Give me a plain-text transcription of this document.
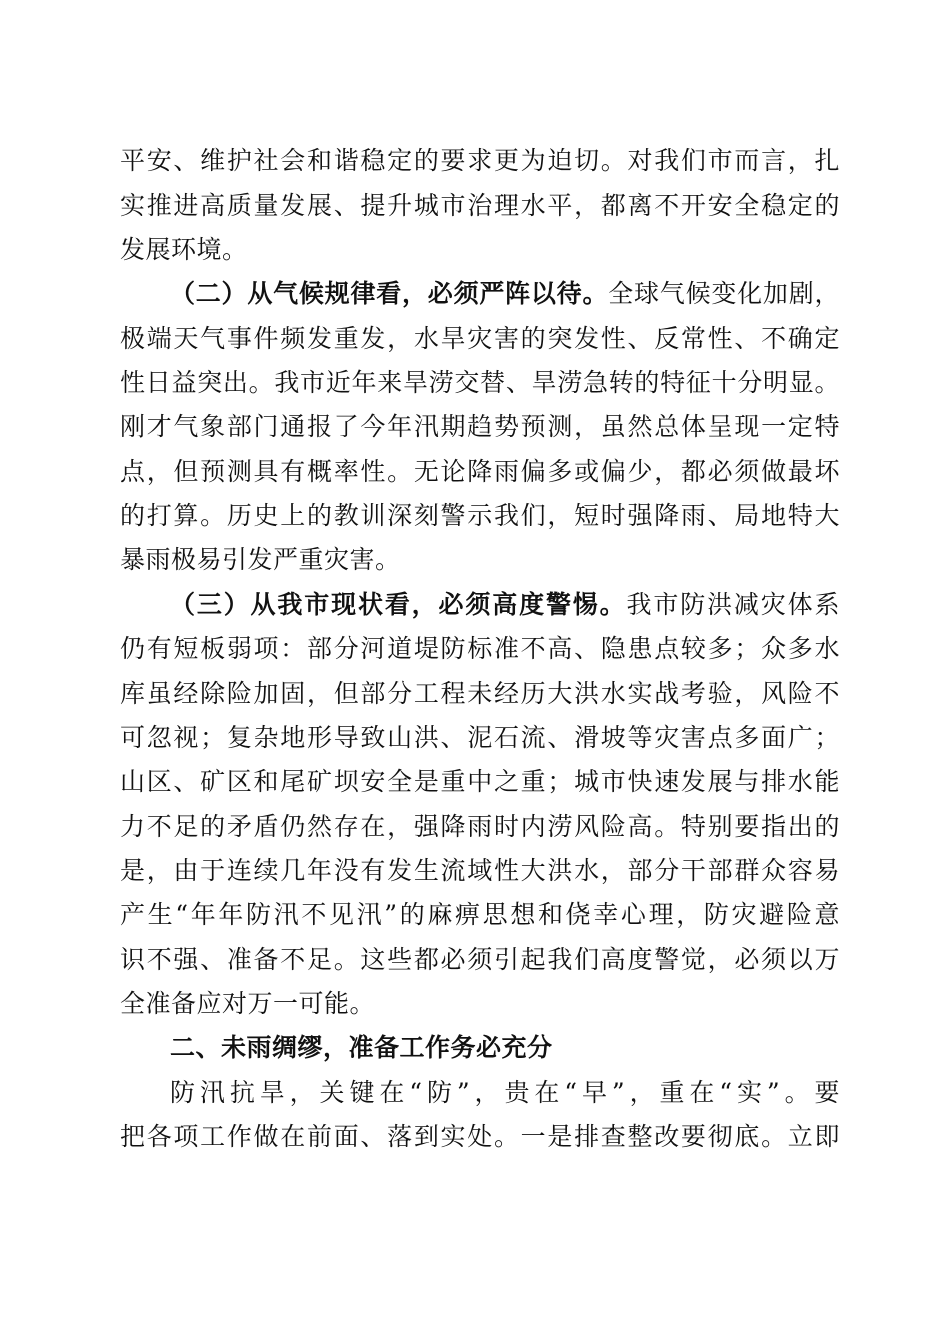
平安、维护社会和谐稳定的要求更为迫切。对我们市而言，扎
实推进高质量发展、提升城市治理水平，都离不开安全稳定的
发展环境。
（二）从气候规律看，必须严阵以待。全球气候变化加剧，
极端天气事件频发重发，水旱灾害的突发性、反常性、不确定
性日益突出。我市近年来旱涝交替、旱涝急转的特征十分明显。
刚才气象部门通报了今年汛期趋势预测，虽然总体呈现一定特
点，但预测具有概率性。无论降雨偏多或偏少，都必须做最坏
的打算。历史上的教训深刻警示我们，短时强降雨、局地特大
暴雨极易引发严重灾害。
（三）从我市现状看，必须高度警惕。我市防洪减灾体系
仍有短板弱项：部分河道堤防标准不高、隐患点较多；众多水
库虽经除险加固，但部分工程未经历大洪水实战考验，风险不
可忽视；复杂地形导致山洪、泥石流、滑坡等灾害点多面广；
山区、矿区和尾矿坝安全是重中之重；城市快速发展与排水能
力不足的矛盾仍然存在，强降雨时内涝风险高。特别要指出的
是，由于连续几年没有发生流域性大洪水，部分干部群众容易
产生“年年防汛不见汛”的麻痹思想和侥幸心理，防灾避险意
识不强、准备不足。这些都必须引起我们高度警觉，必须以万
全准备应对万一可能。
二、未雨绸缪，准备工作务必充分
防汛抗旱，关键在“防”，贵在“早”，重在“实”。要
把各项工作做在前面、落到实处。一是排查整改要彻底。立即
